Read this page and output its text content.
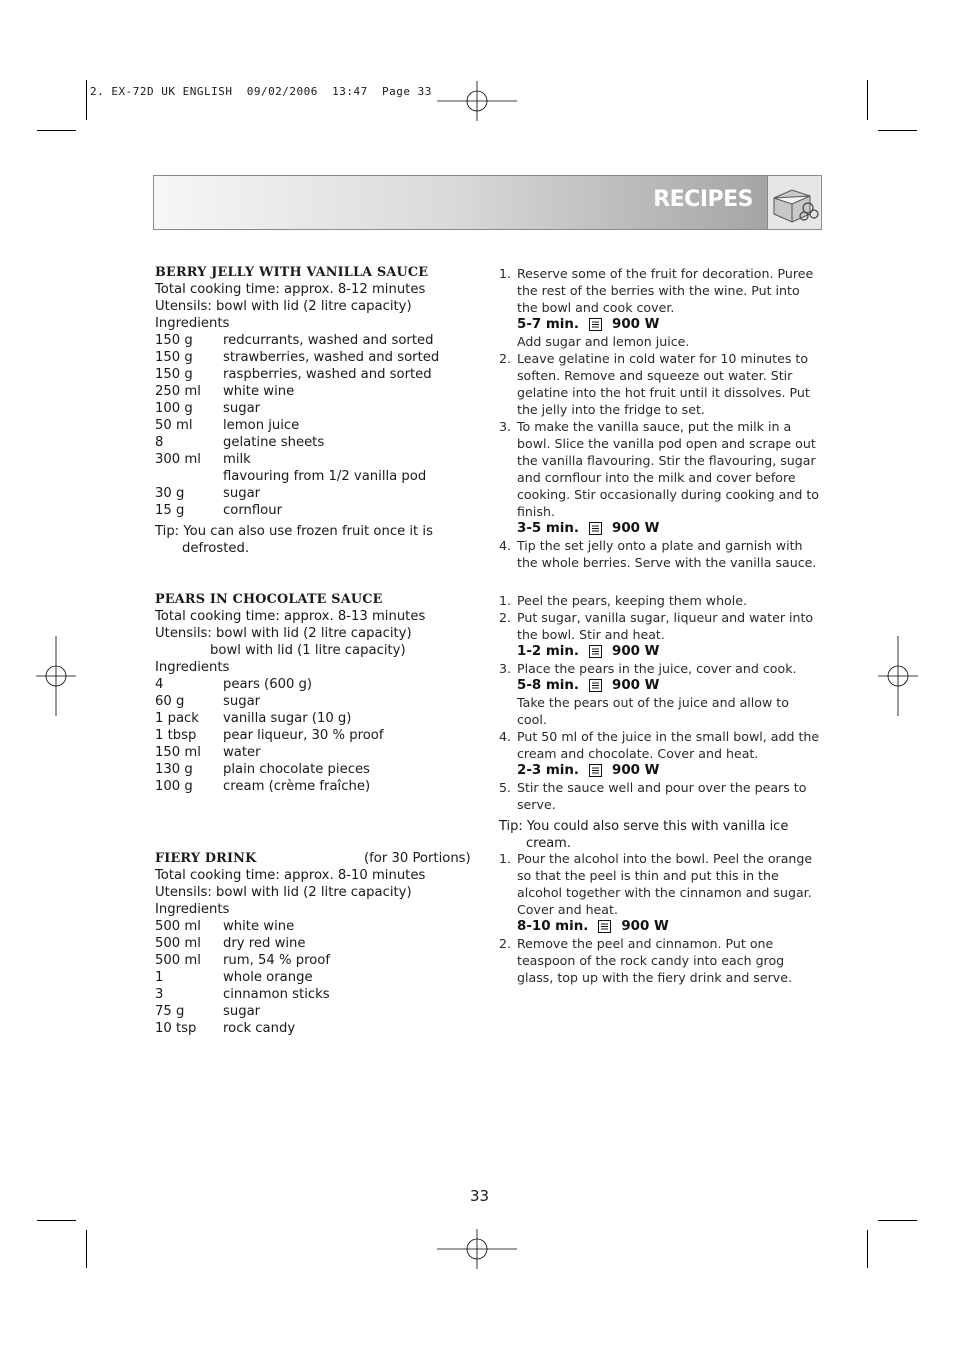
2. EX-72D UK ENGLISH  09/02/2006  13:47  Page 33
RECIPES
BERRY JELLY WITH VANILLA SAUCE
Total cooking time: approx. 8-12 minutes
Utensils: bowl with lid (2 litre capacity)
Ingredients
150 g	redcurrants, washed and sorted
150 g	strawberries, washed and sorted
150 g	raspberries, washed and sorted
250 ml	white wine
100 g	sugar
50 ml	lemon juice
8	gelatine sheets
300 ml	milk
flavouring from 1/2 vanilla pod
30 g	sugar
15 g	cornflour
Tip: You can also use frozen fruit once it is defrosted.
1. Reserve some of the fruit for decoration. Puree the rest of the berries with the wine. Put into the bowl and cook cover.
5-7 min. 900 W
Add sugar and lemon juice.
2. Leave gelatine in cold water for 10 minutes to soften. Remove and squeeze out water. Stir gelatine into the hot fruit until it dissolves. Put the jelly into the fridge to set.
3. To make the vanilla sauce, put the milk in a bowl. Slice the vanilla pod open and scrape out the vanilla flavouring. Stir the flavouring, sugar and cornflour into the milk and cover before cooking. Stir occasionally during cooking and to finish.
3-5 min. 900 W
4. Tip the set jelly onto a plate and garnish with the whole berries. Serve with the vanilla sauce.
PEARS IN CHOCOLATE SAUCE
Total cooking time: approx. 8-13 minutes
Utensils: bowl with lid (2 litre capacity)
bowl with lid (1 litre capacity)
Ingredients
4	pears (600 g)
60 g	sugar
1 pack	vanilla sugar (10 g)
1 tbsp	pear liqueur, 30 % proof
150 ml	water
130 g	plain chocolate pieces
100 g	cream (crème fraîche)
1. Peel the pears, keeping them whole.
2. Put sugar, vanilla sugar, liqueur and water into the bowl. Stir and heat.
1-2 min. 900 W
3. Place the pears in the juice, cover and cook.
5-8 min. 900 W
Take the pears out of the juice and allow to cool.
4. Put 50 ml of the juice in the small bowl, add the cream and chocolate. Cover and heat.
2-3 min. 900 W
5. Stir the sauce well and pour over the pears to serve.
Tip: You could also serve this with vanilla ice cream.
FIERY DRINK	(for 30 Portions)
Total cooking time: approx. 8-10 minutes
Utensils: bowl with lid (2 litre capacity)
Ingredients
500 ml	white wine
500 ml	dry red wine
500 ml	rum, 54 % proof
1	whole orange
3	cinnamon sticks
75 g	sugar
10 tsp	rock candy
1. Pour the alcohol into the bowl. Peel the orange so that the peel is thin and put this in the alcohol together with the cinnamon and sugar. Cover and heat.
8-10 min. 900 W
2. Remove the peel and cinnamon. Put one teaspoon of the rock candy into each grog glass, top up with the fiery drink and serve.
33
